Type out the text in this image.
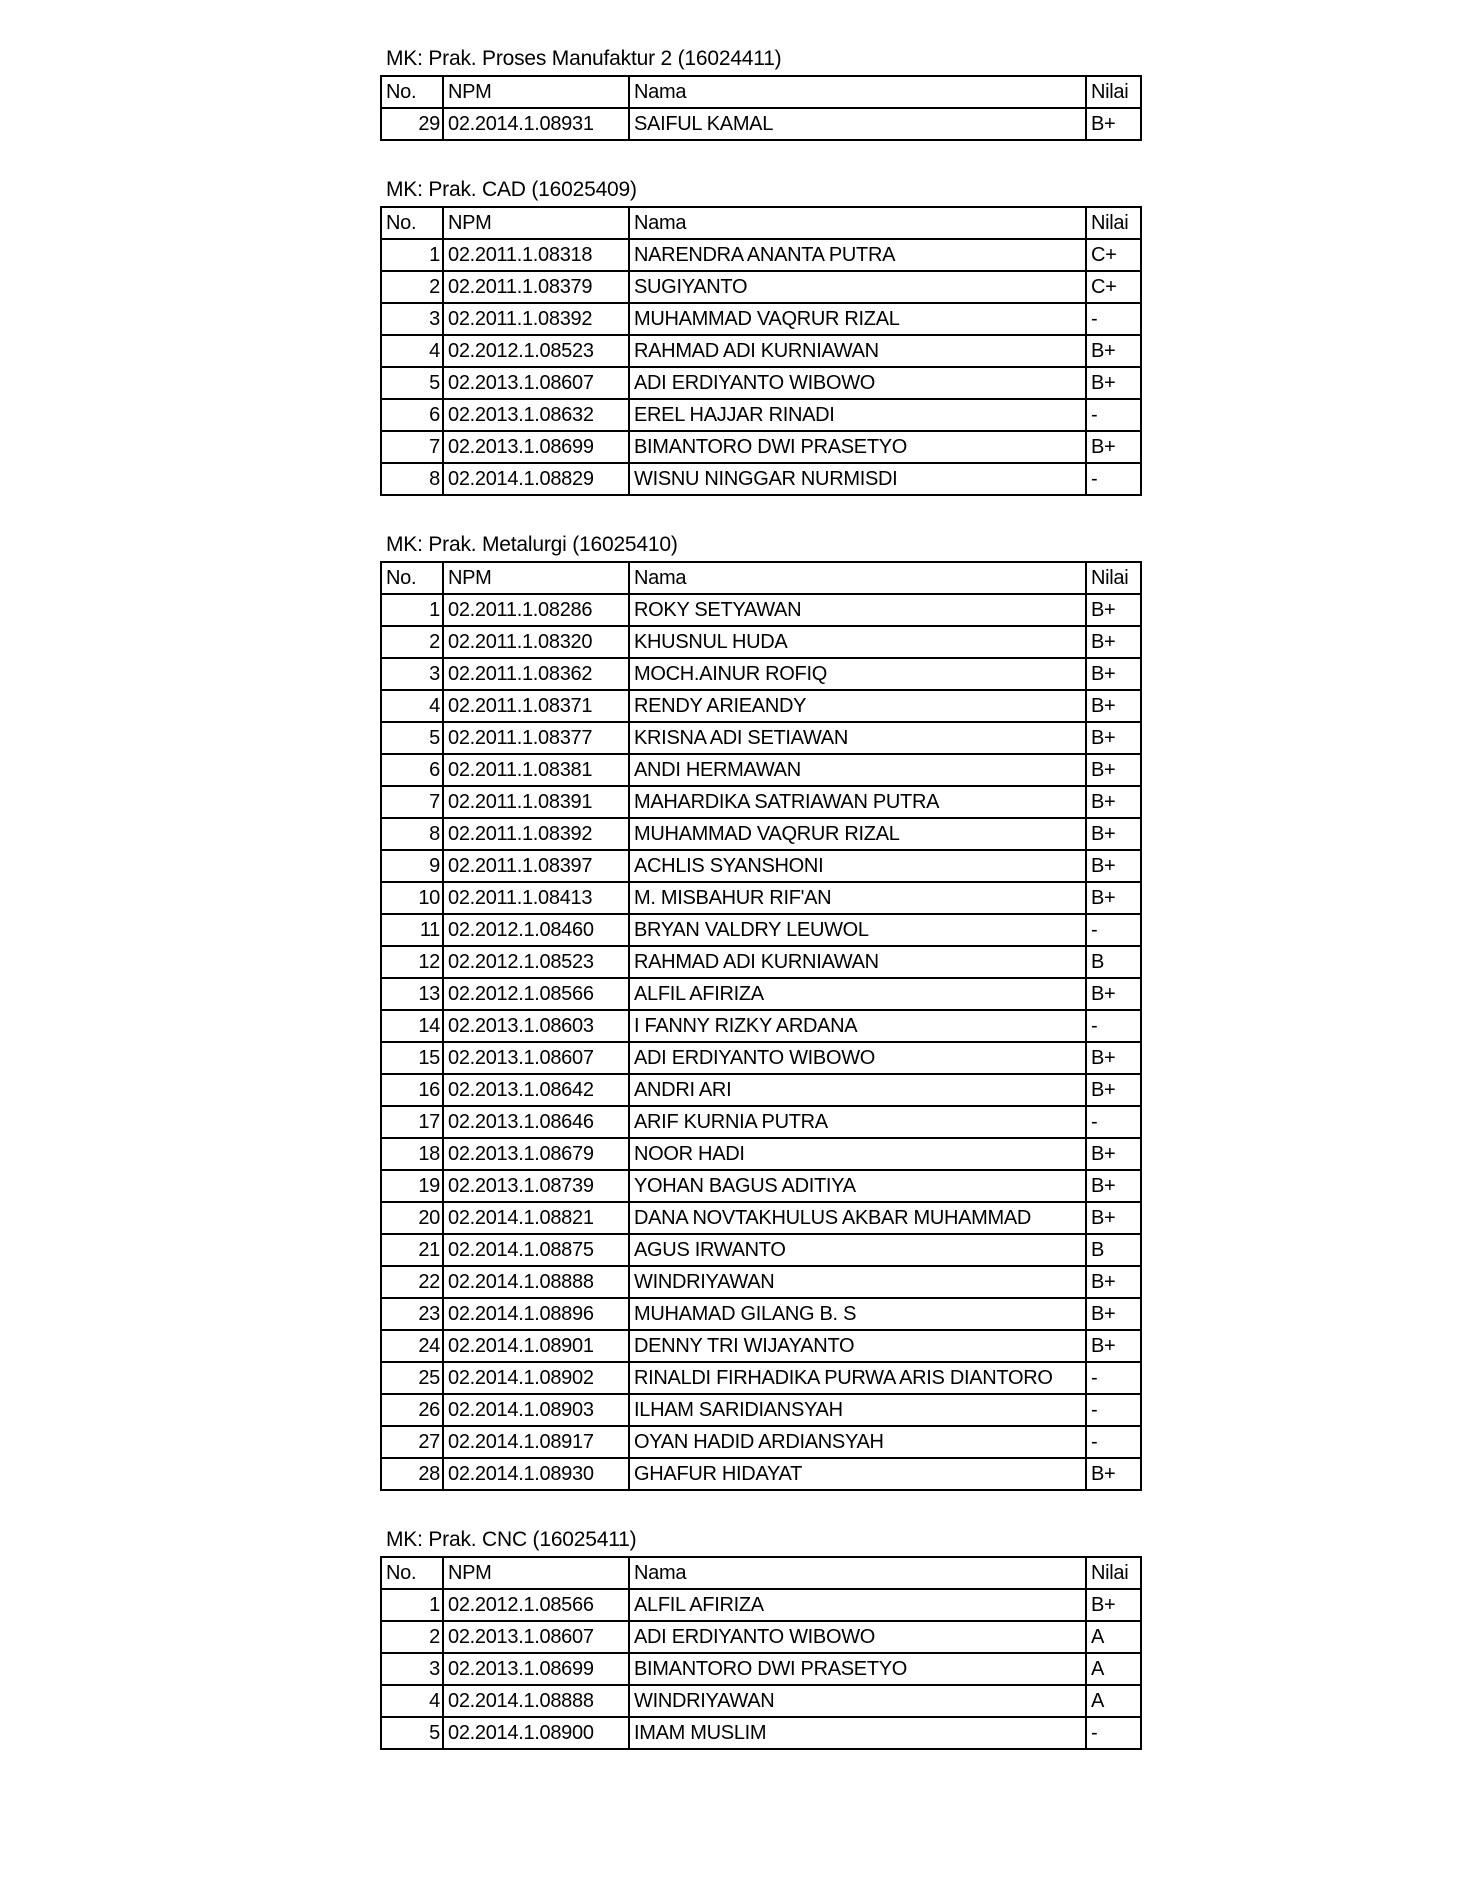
MK: Prak. Proses Manufaktur 2 (16024411)
No.	NPM	Nama	Nilai
29	02.2014.1.08931	SAIFUL KAMAL	B+
MK: Prak. CAD (16025409)
No.	NPM	Nama	Nilai
1	02.2011.1.08318	NARENDRA ANANTA PUTRA	C+
2	02.2011.1.08379	SUGIYANTO	C+
3	02.2011.1.08392	MUHAMMAD VAQRUR RIZAL	-
4	02.2012.1.08523	RAHMAD ADI KURNIAWAN	B+
5	02.2013.1.08607	ADI ERDIYANTO WIBOWO	B+
6	02.2013.1.08632	EREL HAJJAR RINADI	-
7	02.2013.1.08699	BIMANTORO DWI PRASETYO	B+
8	02.2014.1.08829	WISNU NINGGAR NURMISDI	-
MK: Prak. Metalurgi (16025410)
No.	NPM	Nama	Nilai
1	02.2011.1.08286	ROKY SETYAWAN	B+
2	02.2011.1.08320	KHUSNUL HUDA	B+
3	02.2011.1.08362	MOCH.AINUR ROFIQ	B+
4	02.2011.1.08371	RENDY ARIEANDY	B+
5	02.2011.1.08377	KRISNA ADI SETIAWAN	B+
6	02.2011.1.08381	ANDI HERMAWAN	B+
7	02.2011.1.08391	MAHARDIKA SATRIAWAN PUTRA	B+
8	02.2011.1.08392	MUHAMMAD VAQRUR RIZAL	B+
9	02.2011.1.08397	ACHLIS SYANSHONI	B+
10	02.2011.1.08413	M. MISBAHUR RIF'AN	B+
11	02.2012.1.08460	BRYAN VALDRY LEUWOL	-
12	02.2012.1.08523	RAHMAD ADI KURNIAWAN	B
13	02.2012.1.08566	ALFIL AFIRIZA	B+
14	02.2013.1.08603	I FANNY RIZKY ARDANA	-
15	02.2013.1.08607	ADI ERDIYANTO WIBOWO	B+
16	02.2013.1.08642	ANDRI ARI	B+
17	02.2013.1.08646	ARIF KURNIA PUTRA	-
18	02.2013.1.08679	NOOR HADI	B+
19	02.2013.1.08739	YOHAN BAGUS ADITIYA	B+
20	02.2014.1.08821	DANA NOVTAKHULUS AKBAR MUHAMMAD	B+
21	02.2014.1.08875	AGUS IRWANTO	B
22	02.2014.1.08888	WINDRIYAWAN	B+
23	02.2014.1.08896	MUHAMAD GILANG B. S	B+
24	02.2014.1.08901	DENNY TRI WIJAYANTO	B+
25	02.2014.1.08902	RINALDI FIRHADIKA PURWA ARIS DIANTORO	-
26	02.2014.1.08903	ILHAM SARIDIANSYAH	-
27	02.2014.1.08917	OYAN HADID ARDIANSYAH	-
28	02.2014.1.08930	GHAFUR HIDAYAT	B+
MK: Prak. CNC (16025411)
No.	NPM	Nama	Nilai
1	02.2012.1.08566	ALFIL AFIRIZA	B+
2	02.2013.1.08607	ADI ERDIYANTO WIBOWO	A
3	02.2013.1.08699	BIMANTORO DWI PRASETYO	A
4	02.2014.1.08888	WINDRIYAWAN	A
5	02.2014.1.08900	IMAM MUSLIM	-
